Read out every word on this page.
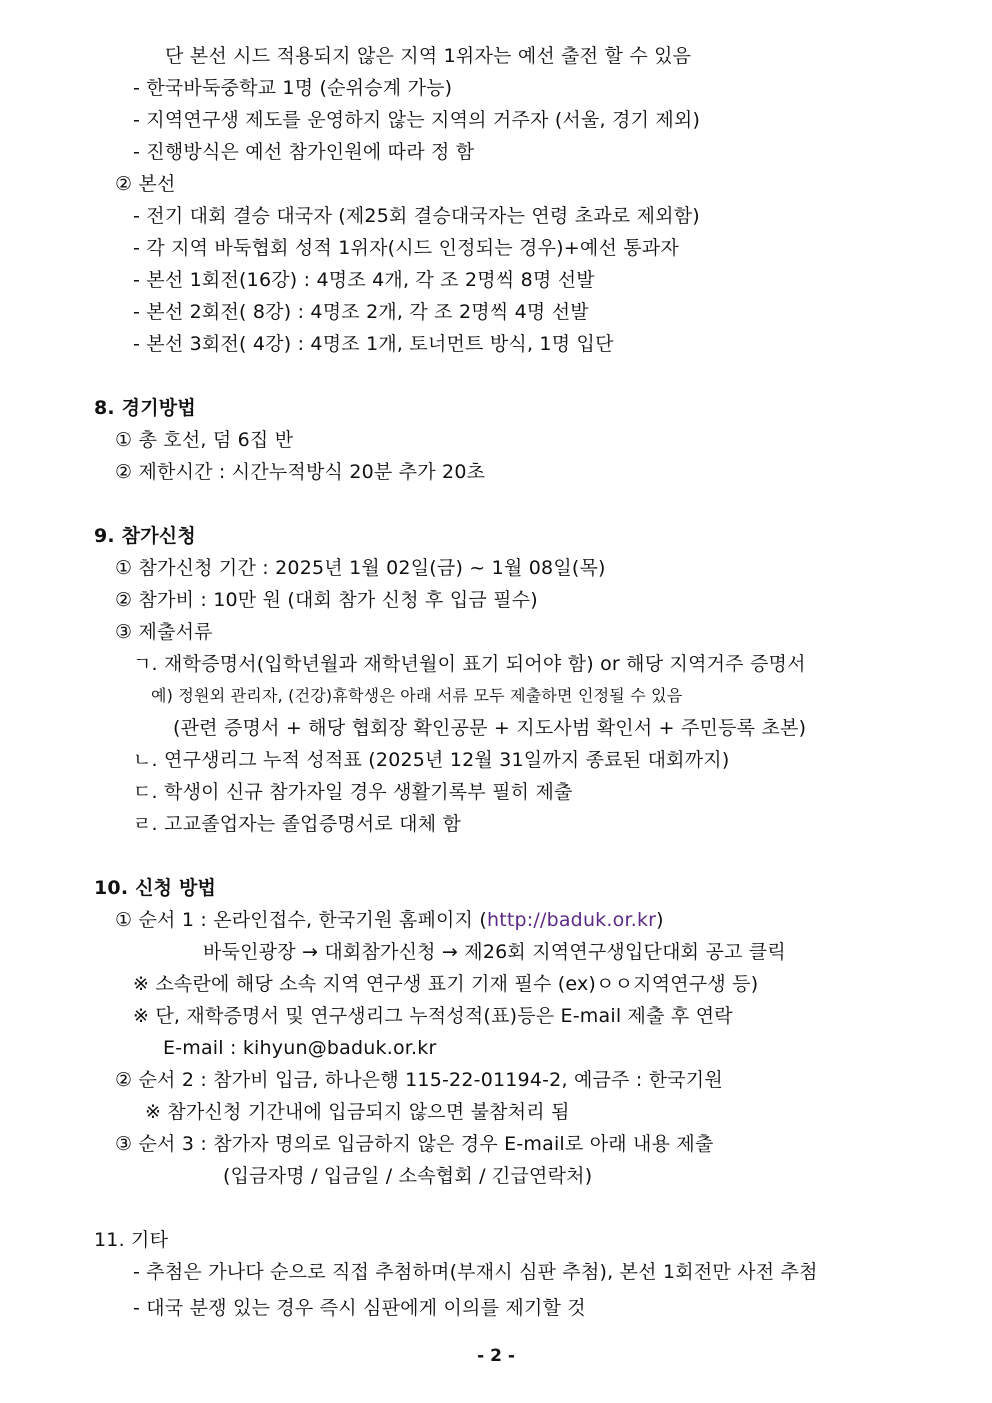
단 본선 시드 적용되지 않은 지역 1위자는 예선 출전 할 수 있음
- 한국바둑중학교 1명 (순위승계 가능)
- 지역연구생 제도를 운영하지 않는 지역의 거주자 (서울, 경기 제외)
- 진행방식은 예선 참가인원에 따라 정 함
② 본선
- 전기 대회 결승 대국자 (제25회 결승대국자는 연령 초과로 제외함)
- 각 지역 바둑협회 성적 1위자(시드 인정되는 경우)+예선 통과자
- 본선 1회전(16강) : 4명조 4개, 각 조 2명씩 8명 선발
- 본선 2회전( 8강) : 4명조 2개, 각 조 2명씩 4명 선발
- 본선 3회전( 4강) : 4명조 1개, 토너먼트 방식, 1명 입단
8. 경기방법
① 총 호선, 덤 6집 반
② 제한시간 : 시간누적방식 20분 추가 20초
9. 참가신청
① 참가신청 기간 : 2025년 1월 02일(금) ~ 1월 08일(목)
② 참가비 : 10만 원 (대회 참가 신청 후 입금 필수)
③ 제출서류
ㄱ. 재학증명서(입학년월과 재학년월이 표기 되어야 함) or 해당 지역거주 증명서
예) 정원외 관리자, (건강)휴학생은 아래 서류 모두 제출하면 인정될 수 있음
(관련 증명서 + 해당 협회장 확인공문 + 지도사범 확인서 + 주민등록 초본)
ㄴ. 연구생리그 누적 성적표 (2025년 12월 31일까지 종료된 대회까지)
ㄷ. 학생이 신규 참가자일 경우 생활기록부 필히 제출
ㄹ. 고교졸업자는 졸업증명서로 대체 함
10. 신청 방법
① 순서 1 : 온라인접수, 한국기원 홈페이지 (http://baduk.or.kr)
바둑인광장 → 대회참가신청 → 제26회 지역연구생입단대회 공고 클릭
※ 소속란에 해당 소속 지역 연구생 표기 기재 필수 (ex)ㅇㅇ지역연구생 등)
※ 단, 재학증명서 및 연구생리그 누적성적(표)등은 E-mail 제출 후 연락
E-mail : kihyun@baduk.or.kr
② 순서 2 : 참가비 입금, 하나은행 115-22-01194-2, 예금주 : 한국기원
※ 참가신청 기간내에 입금되지 않으면 불참처리 됨
③ 순서 3 : 참가자 명의로 입금하지 않은 경우 E-mail로 아래 내용 제출
(입금자명 / 입금일 / 소속협회 / 긴급연락처)
11. 기타
- 추첨은 가나다 순으로 직접 추첨하며(부재시 심판 추첨), 본선 1회전만 사전 추첨
- 대국 분쟁 있는 경우 즉시 심판에게 이의를 제기할 것
- 2 -
